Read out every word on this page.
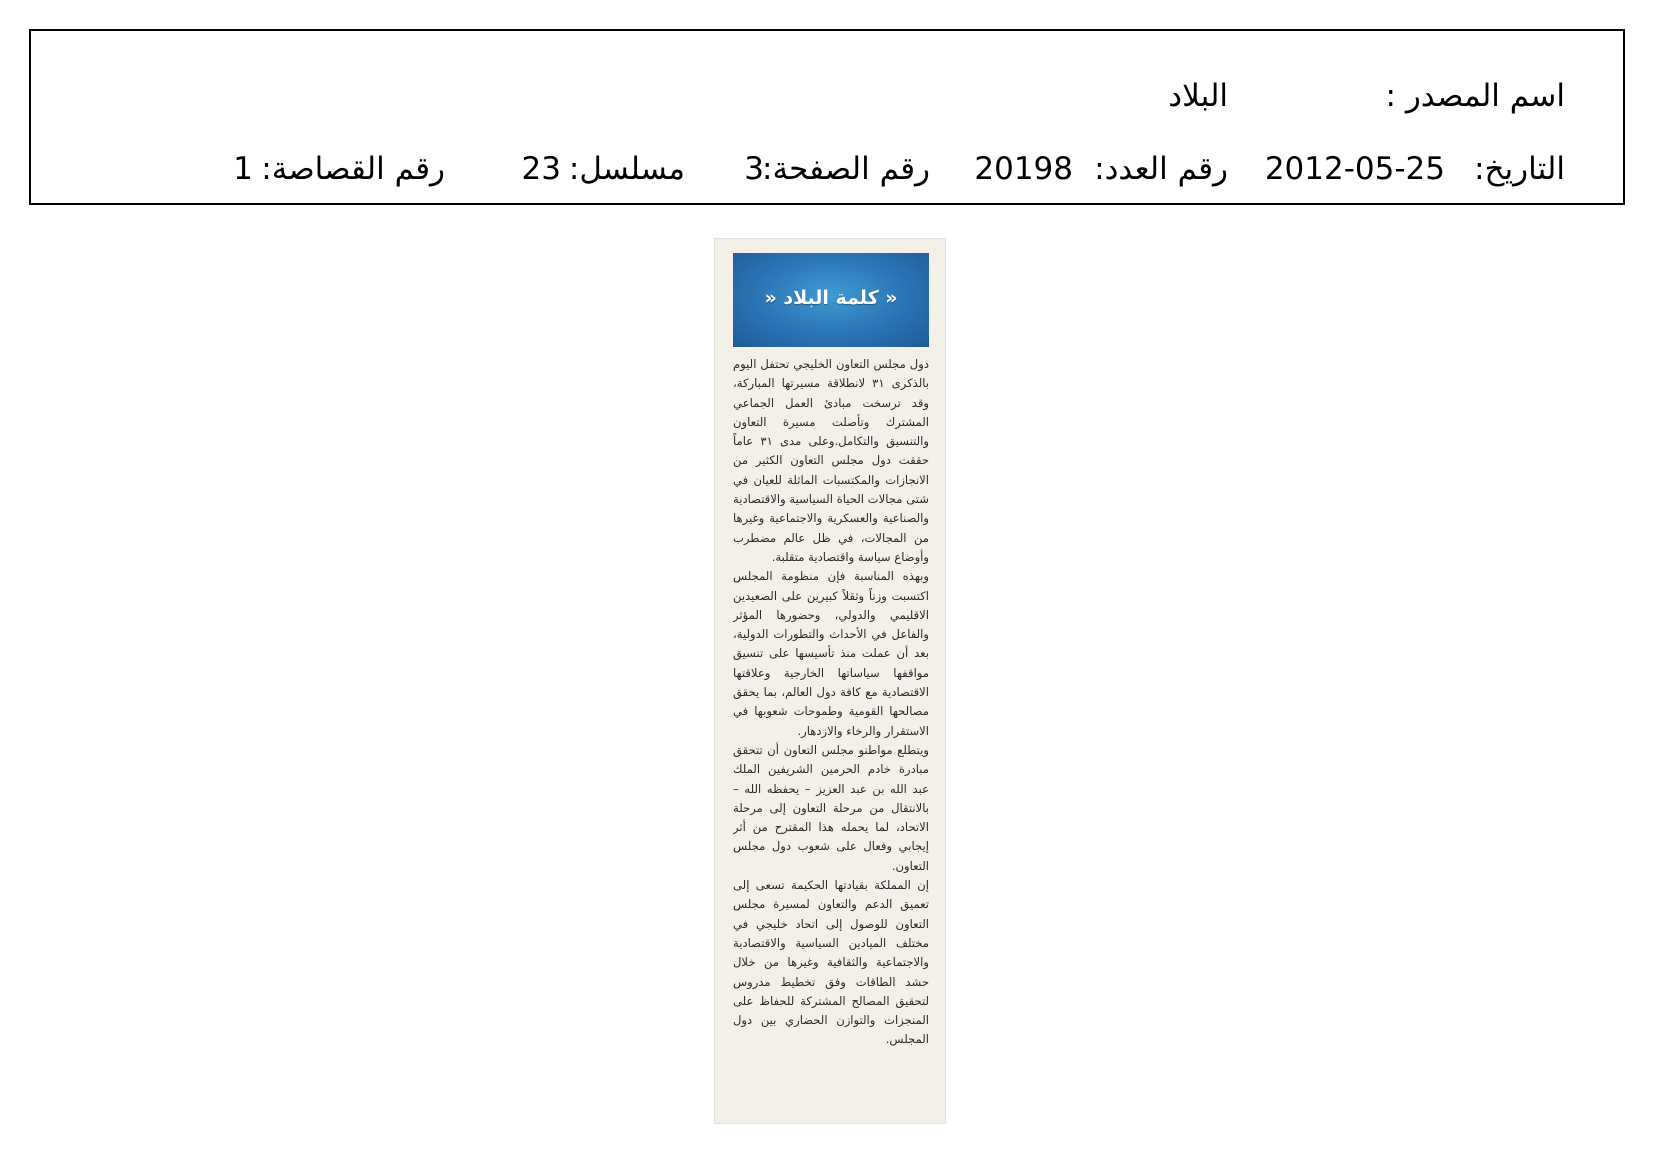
اسم المصدر :
البلاد
التاريخ:
2012-05-25
رقم العدد:
20198
رقم الصفحة:
3
مسلسل:
23
رقم القصاصة:
1
« كلمة البلاد «

دول مجلس التعاون الخليجي تحتفل اليوم بالذكرى ٣١ لانطلاقة مسيرتها المباركة، وقد ترسخت مبادئ العمل الجماعي المشترك وتأصلت مسيرة التعاون والتنسيق والتكامل.وعلى مدى ٣١ عاماً حققت دول مجلس التعاون الكثير من الانجازات والمكتسبات الماثلة للعيان في شتى مجالات الحياة السياسية والاقتصادية والصناعية والعسكرية والاجتماعية وغيرها من المجالات، في ظل عالم مضطرب وأوضاع سياسة واقتصادية متقلبة.

وبهذه المناسبة فإن منظومة المجلس اكتسبت وزناً وثقلاً كبيرين على الصعيدين الاقليمي والدولي، وحضورها المؤثر والفاعل في الأحداث والتطورات الدولية، بعد أن عملت منذ تأسيسها على تنسيق مواقفها سياساتها الخارجية وعلاقتها الاقتصادية مع كافة دول العالم، بما يحقق مصالحها القومية وطموحات شعوبها في الاستقرار والرخاء والازدهار.

ويتطلع مواطنو مجلس التعاون أن تتحقق مبادرة خادم الحرمين الشريفين الملك عبد الله بن عبد العزيز – يحفظه الله – بالانتقال من مرحلة التعاون إلى مرحلة الاتحاد، لما يحمله هذا المقترح من أثر إيجابي وفعال على شعوب دول مجلس التعاون.

إن المملكة بقيادتها الحكيمة تسعى إلى تعميق الدعم والتعاون لمسيرة مجلس التعاون للوصول إلى اتحاد خليجي في مختلف الميادين السياسية والاقتصادية والاجتماعية والثقافية وغيرها من خلال حشد الطاقات وفق تخطيط مدروس لتحقيق المصالح المشتركة للحفاظ على المنجزات والتوازن الحضاري بين دول المجلس.
